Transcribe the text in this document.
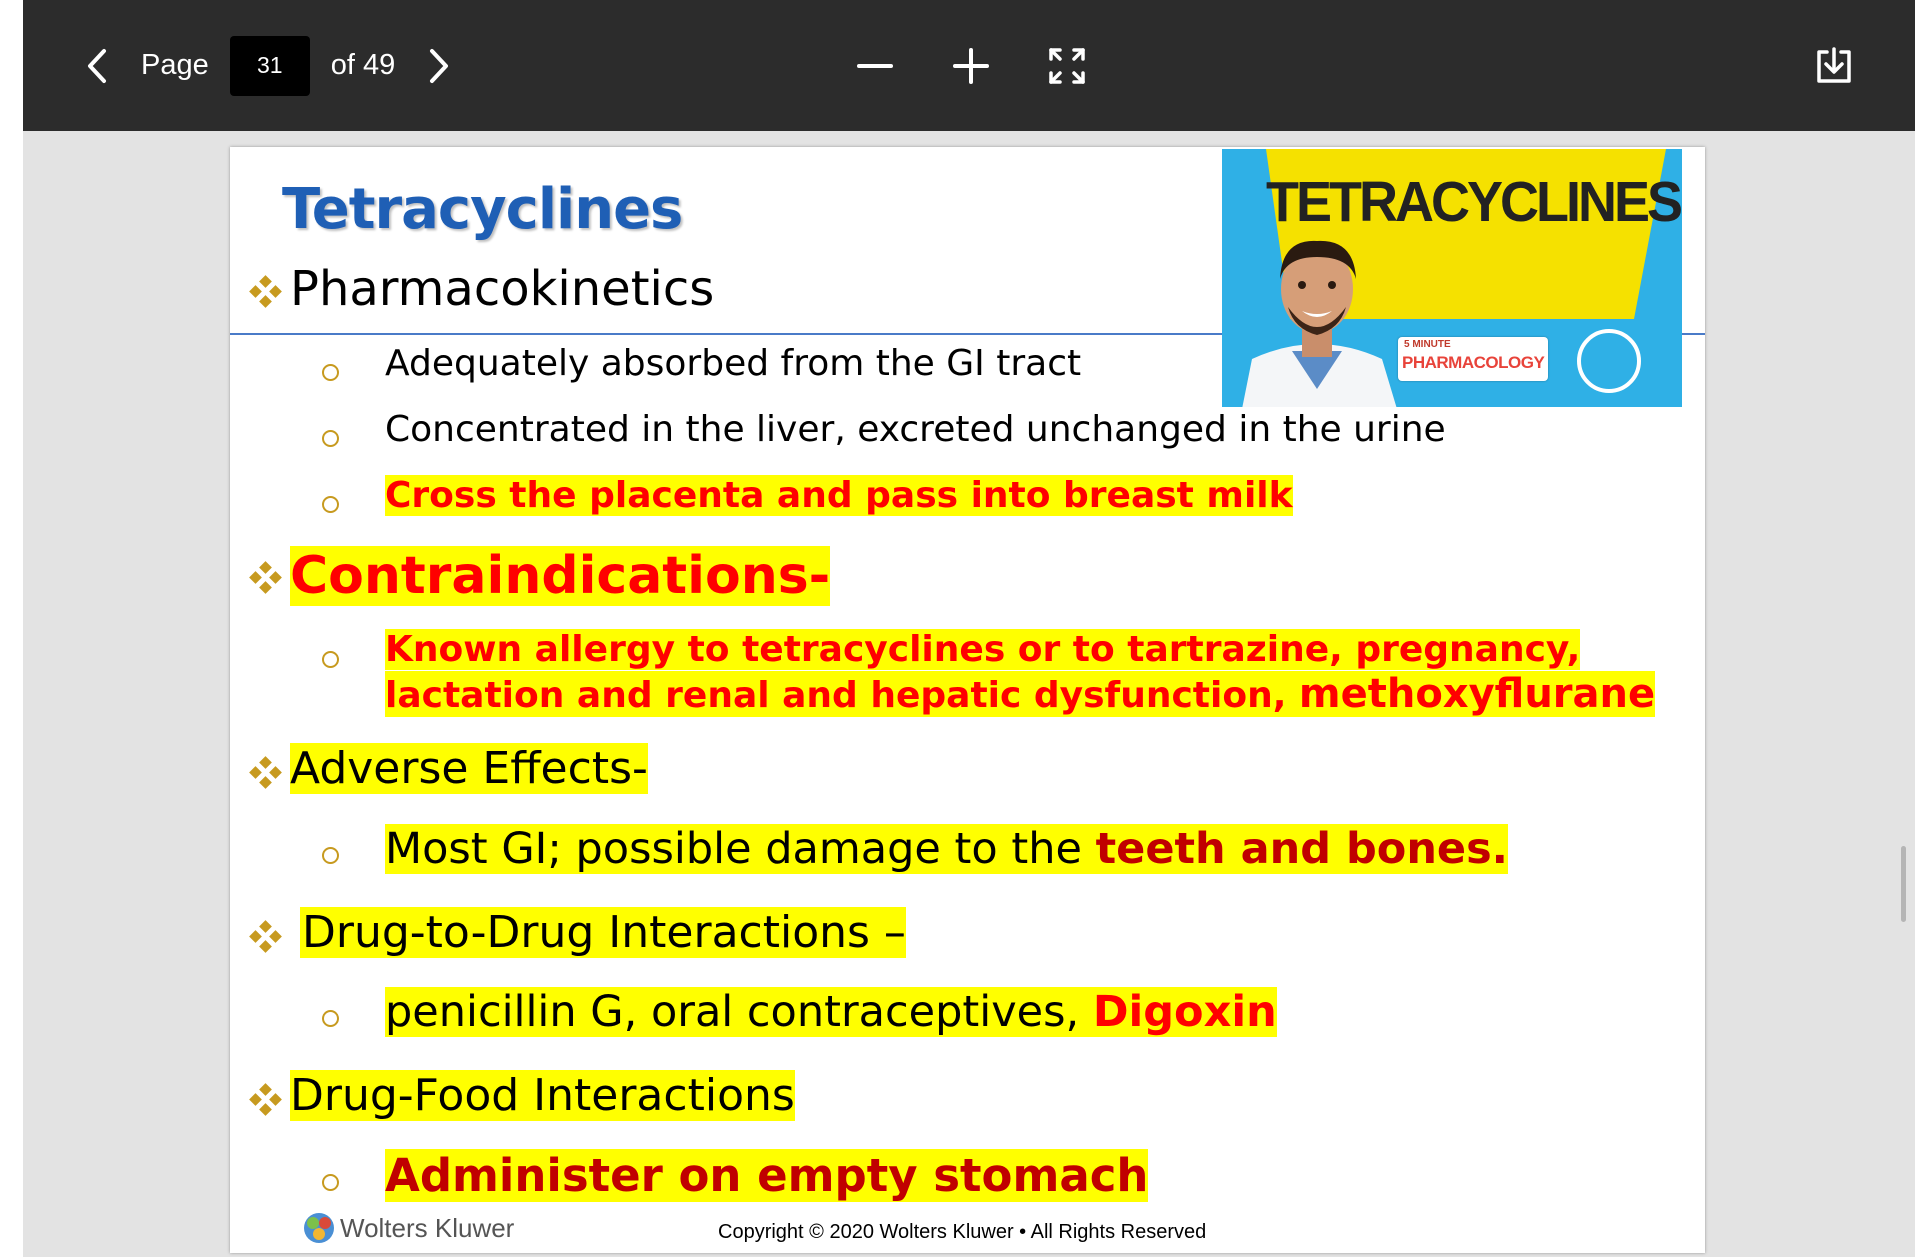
Page
31	of 49
Tetracyclines	TETRACYCLINES
5 MINUTE
PHARMACOLOGY
Pharmacokinetics
Adequately absorbed from the GI tract
Concentrated in the liver, excreted unchanged in the urine
Cross the placenta and pass into breast milk
Contraindications-
Known allergy to tetracyclines or to tartrazine, pregnancy,
lactation and renal and hepatic dysfunction, methoxyflurane
Adverse Effects-
Most GI; possible damage to the teeth and bones.
Drug-to-Drug Interactions –
penicillin G, oral contraceptives, Digoxin
Drug-Food Interactions
Administer on empty stomach
Wolters Kluwer	Copyright © 2020 Wolters Kluwer • All Rights Reserved
